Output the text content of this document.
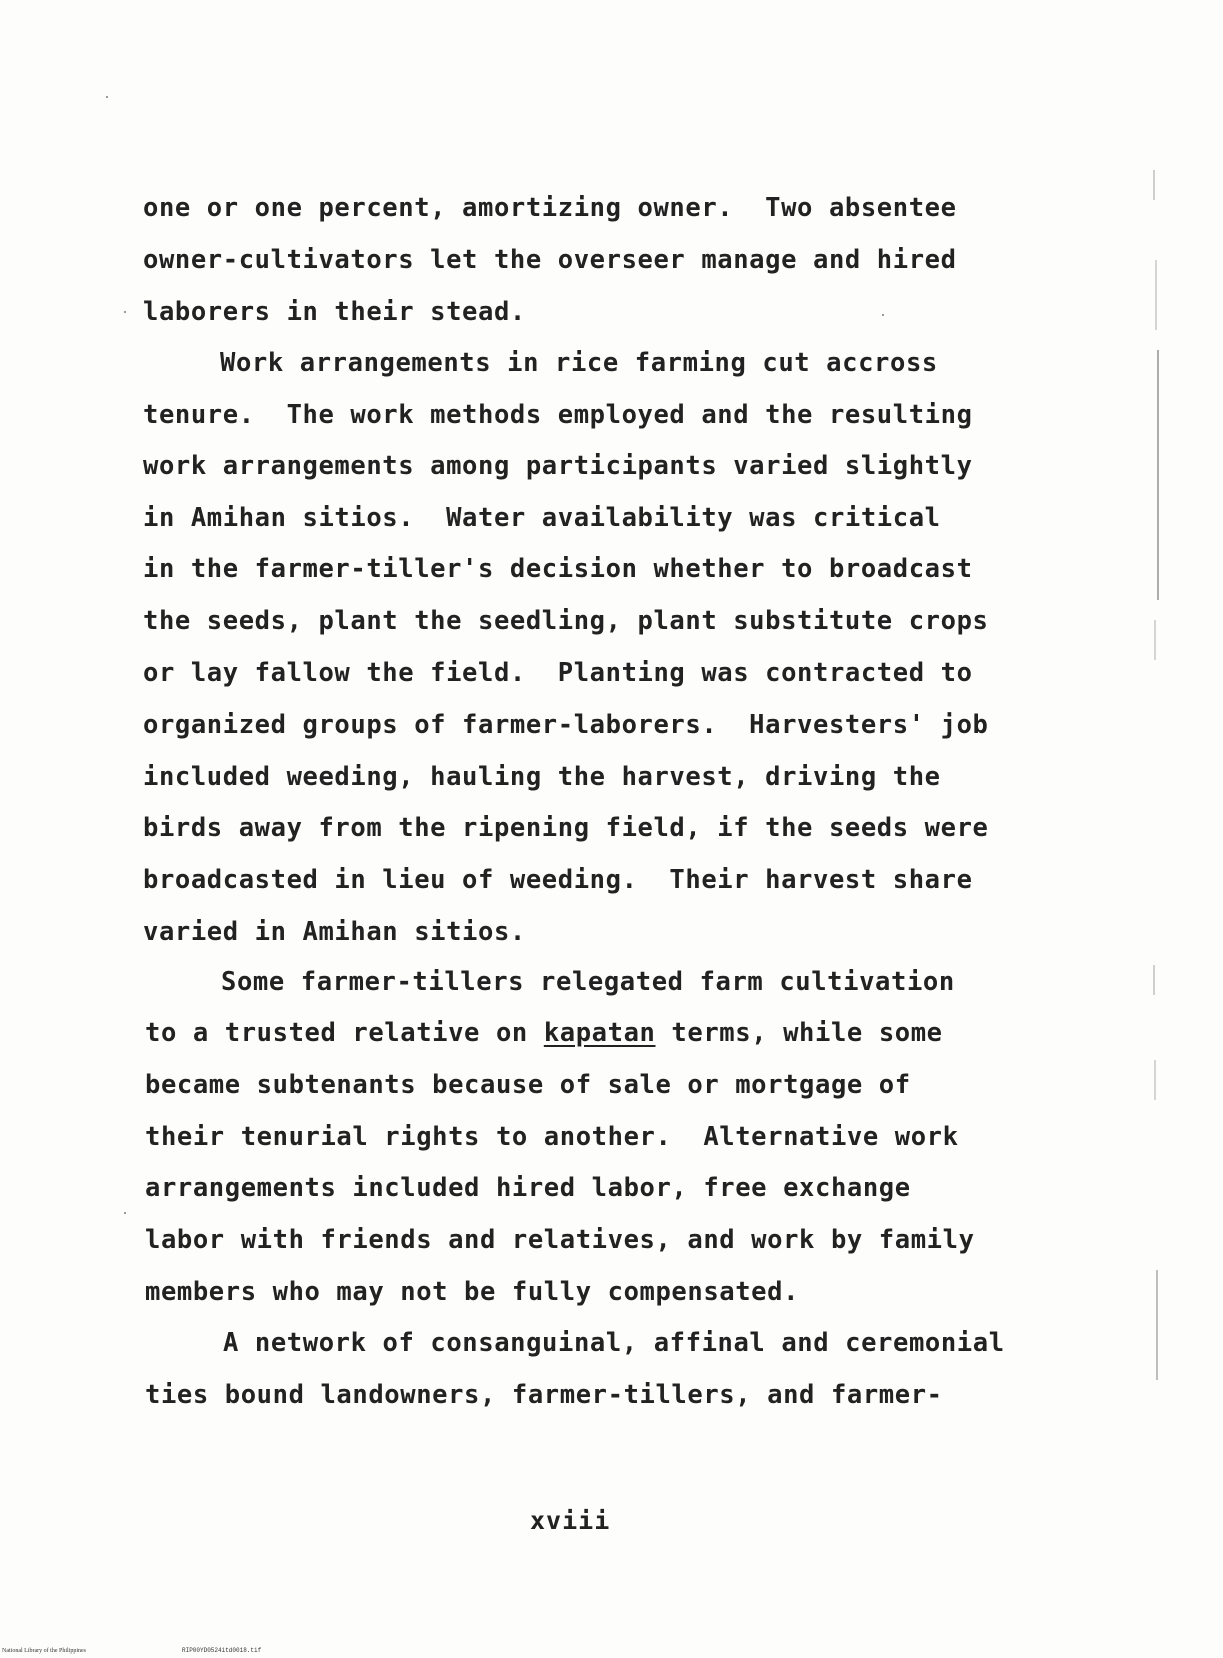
one or one percent, amortizing owner.  Two absentee
owner-cultivators let the overseer manage and hired
laborers in their stead.
Work arrangements in rice farming cut accross
tenure.  The work methods employed and the resulting
work arrangements among participants varied slightly
in Amihan sitios.  Water availability was critical
in the farmer-tiller's decision whether to broadcast
the seeds, plant the seedling, plant substitute crops
or lay fallow the field.  Planting was contracted to
organized groups of farmer-laborers.  Harvesters' job
included weeding, hauling the harvest, driving the
birds away from the ripening field, if the seeds were
broadcasted in lieu of weeding.  Their harvest share
varied in Amihan sitios.
Some farmer-tillers relegated farm cultivation
to a trusted relative on kapatan terms, while some
became subtenants because of sale or mortgage of
their tenurial rights to another.  Alternative work
arrangements included hired labor, free exchange
labor with friends and relatives, and work by family
members who may not be fully compensated.
A network of consanguinal, affinal and ceremonial
ties bound landowners, farmer-tillers, and farmer-
xviii
National Library of the Philippines	RIP00YD0524itd0018.tif
